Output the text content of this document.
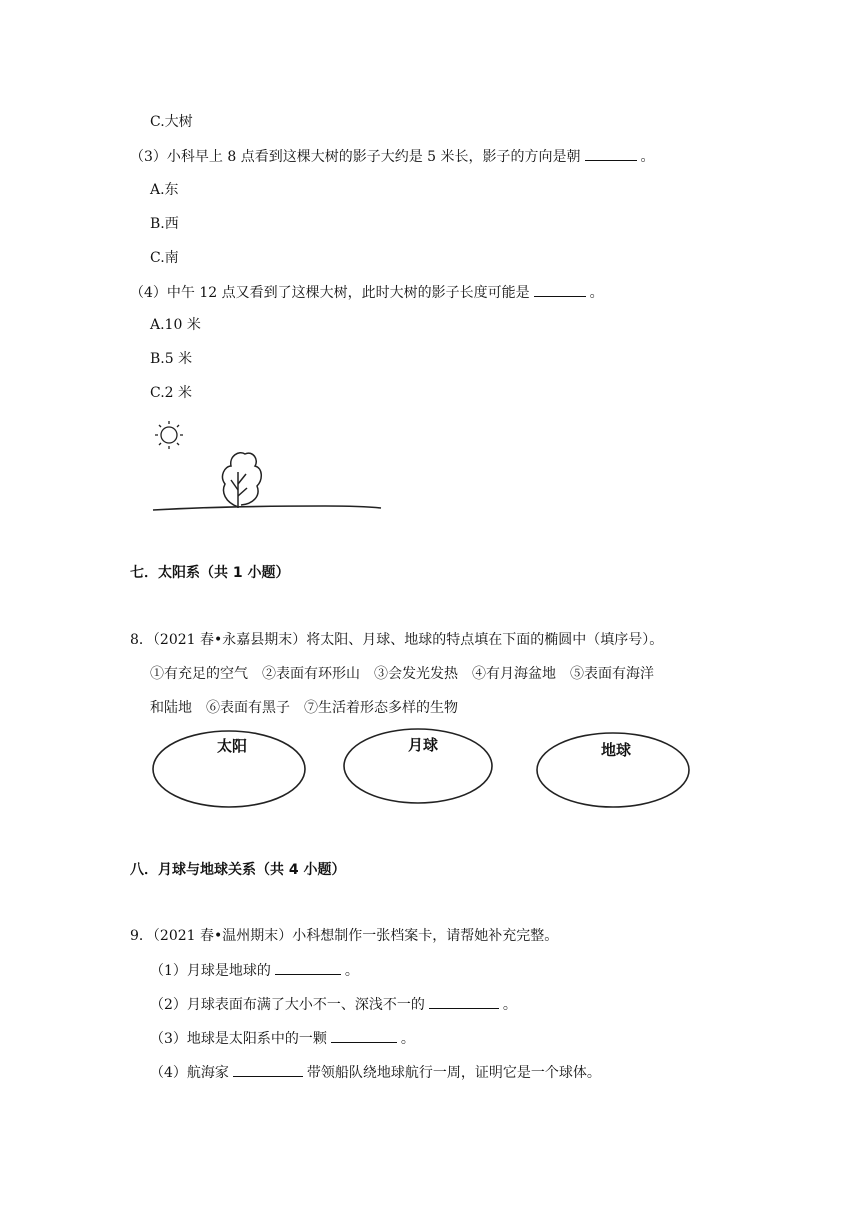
C.大树
（3）小科早上 8 点看到这棵大树的影子大约是 5 米长，影子的方向是朝	。
A.东
B.西
C.南
（4）中午 12 点又看到了这棵大树，此时大树的影子长度可能是	。
A.10 米
B.5 米
C.2 米
七．太阳系（共 1 小题）
8．（2021 春•永嘉县期末）将太阳、月球、地球的特点填在下面的椭圆中（填序号）。
①有充足的空气　②表面有环形山　③会发光发热　④有月海盆地　⑤表面有海洋
和陆地　⑥表面有黑子　⑦生活着形态多样的生物
太阳	月球	地球
八．月球与地球关系（共 4 小题）
9．（2021 春•温州期末）小科想制作一张档案卡，请帮她补充完整。
（1）月球是地球的	。
（2）月球表面布满了大小不一、深浅不一的	。
（3）地球是太阳系中的一颗	。
（4）航海家	带领船队绕地球航行一周，证明它是一个球体。
